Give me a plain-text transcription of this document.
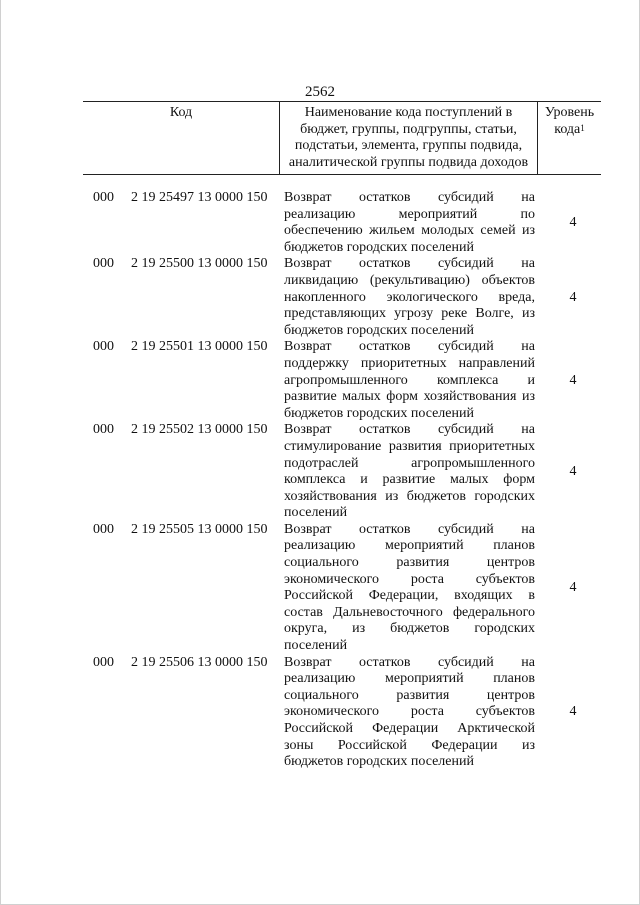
2562
Код	Наименование кода поступлений в
бюджет, группы, подгруппы, статьи,
подстатьи, элемента, группы подвида,
аналитической группы подвида доходов
Уровень
кода$^1$
000 2 19 25497 13 0000 150 Возврат остатков субсидий на
реализацию мероприятий по
обеспечению жильем молодых семей из
бюджетов городских поселений
4
000 2 19 25500 13 0000 150 Возврат остатков субсидий на
ликвидацию (рекультивацию) объектов
накопленного экологического вреда,
представляющих угрозу реке Волге, из
бюджетов городских поселений
4
000 2 19 25501 13 0000 150 Возврат остатков субсидий на
поддержку приоритетных направлений
агропромышленного комплекса и
развитие малых форм хозяйствования из
бюджетов городских поселений
4
000 2 19 25502 13 0000 150 Возврат остатков субсидий на
стимулирование развития приоритетных
подотраслей агропромышленного
комплекса и развитие малых форм
хозяйствования из бюджетов городских
поселений
4
000 2 19 25505 13 0000 150 Возврат остатков субсидий на
реализацию мероприятий планов
социального развития центров
экономического роста субъектов
Российской Федерации, входящих в
состав Дальневосточного федерального
округа, из бюджетов городских
поселений
4
000 2 19 25506 13 0000 150 Возврат остатков субсидий на
реализацию мероприятий планов
социального развития центров
экономического роста субъектов
Российской Федерации Арктической
зоны Российской Федерации из
бюджетов городских поселений
4
